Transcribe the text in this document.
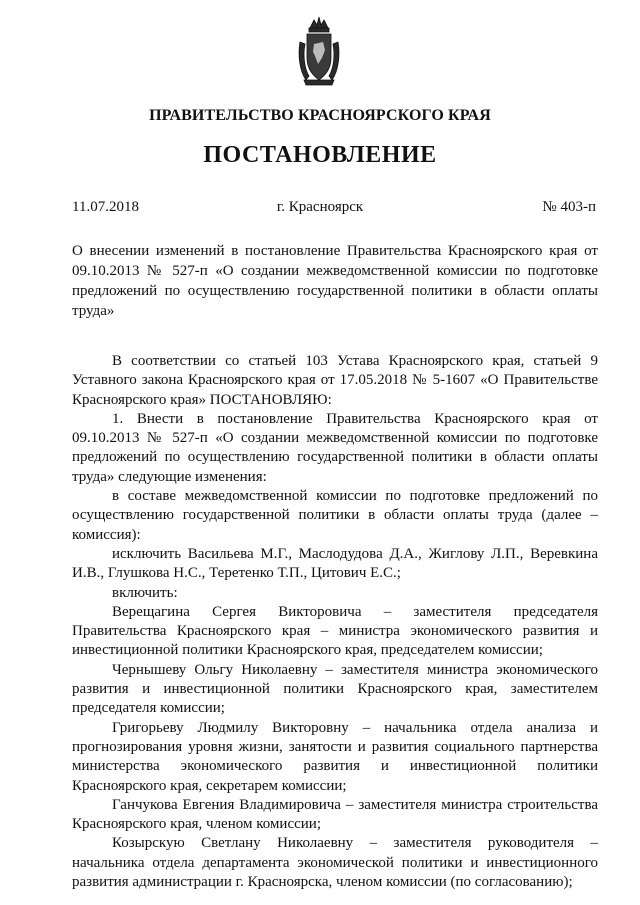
ПРАВИТЕЛЬСТВО КРАСНОЯРСКОГО КРАЯ
ПОСТАНОВЛЕНИЕ
11.07.2018	г. Красноярск	№ 403-п
О внесении изменений в постановление Правительства Красноярского края от 09.10.2013 № 527-п «О создании межведомственной комиссии по подготовке предложений по осуществлению государственной политики в области оплаты труда»

В соответствии со статьей 103 Устава Красноярского края, статьей 9 Уставного закона Красноярского края от 17.05.2018 № 5-1607 «О Правительстве Красноярского края» ПОСТАНОВЛЯЮ:

1. Внести в постановление Правительства Красноярского края от 09.10.2013 № 527-п «О создании межведомственной комиссии по подготовке предложений по осуществлению государственной политики в области оплаты труда» следующие изменения:

в составе межведомственной комиссии по подготовке предложений по осуществлению государственной политики в области оплаты труда (далее – комиссия):

исключить Васильева М.Г., Маслодудова Д.А., Жиглову Л.П., Веревкина И.В., Глушкова Н.С., Теретенко Т.П., Цитович Е.С.;

включить:

Верещагина Сергея Викторовича – заместителя председателя Правительства Красноярского края – министра экономического развития и инвестиционной политики Красноярского края, председателем комиссии;

Чернышеву Ольгу Николаевну – заместителя министра экономического развития и инвестиционной политики Красноярского края, заместителем председателя комиссии;

Григорьеву Людмилу Викторовну – начальника отдела анализа и прогнозирования уровня жизни, занятости и развития социального партнерства министерства экономического развития и инвестиционной политики Красноярского края, секретарем комиссии;

Ганчукова Евгения Владимировича – заместителя министра строительства Красноярского края, членом комиссии;

Козырскую Светлану Николаевну – заместителя руководителя – начальника отдела департамента экономической политики и инвестиционного развития администрации г. Красноярска, членом комиссии (по согласованию);
